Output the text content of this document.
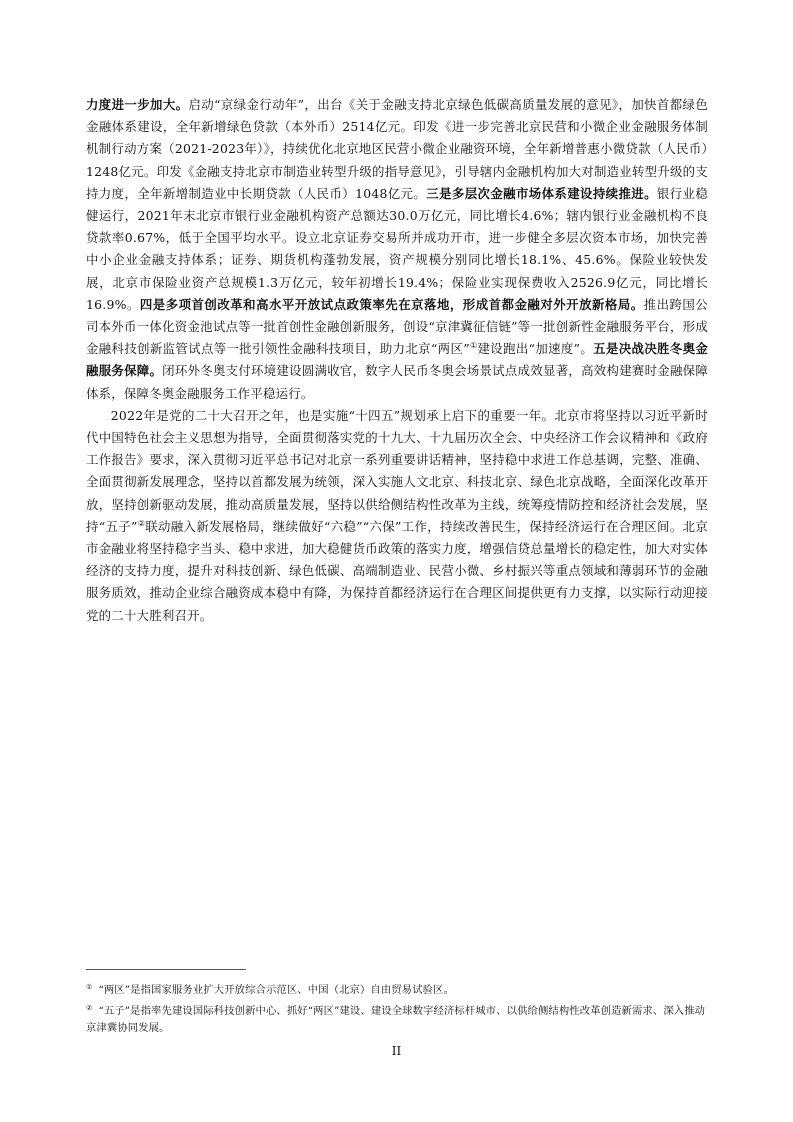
力度进一步加大。启动“京绿金行动年”，出台《关于金融支持北京绿色低碳高质量发展的意见》，加快首都绿色金融体系建设，全年新增绿色贷款（本外币）2514亿元。印发《进一步完善北京民营和小微企业金融服务体制机制行动方案（2021-2023年）》，持续优化北京地区民营小微企业融资环境，全年新增普惠小微贷款（人民币）1248亿元。印发《金融支持北京市制造业转型升级的指导意见》，引导辖内金融机构加大对制造业转型升级的支持力度，全年新增制造业中长期贷款（人民币）1048亿元。三是多层次金融市场体系建设持续推进。银行业稳健运行，2021年末北京市银行业金融机构资产总额达30.0万亿元，同比增长4.6%；辖内银行业金融机构不良贷款率0.67%，低于全国平均水平。设立北京证券交易所并成功开市，进一步健全多层次资本市场，加快完善中小企业金融支持体系；证券、期货机构蓬勃发展，资产规模分别同比增长18.1%、45.6%。保险业较快发展，北京市保险业资产总规模1.3万亿元，较年初增长19.4%；保险业实现保费收入2526.9亿元，同比增长16.9%。四是多项首创改革和高水平开放试点政策率先在京落地，形成首都金融对外开放新格局。推出跨国公司本外币一体化资金池试点等一批首创性金融创新服务，创设“京津冀征信链”等一批创新性金融服务平台，形成金融科技创新监管试点等一批引领性金融科技项目，助力北京“两区”①建设跑出“加速度”。五是决战决胜冬奥金融服务保障。闭环外冬奥支付环境建设圆满收官，数字人民币冬奥会场景试点成效显著，高效构建赛时金融保障体系，保障冬奥金融服务工作平稳运行。

2022年是党的二十大召开之年，也是实施“十四五”规划承上启下的重要一年。北京市将坚持以习近平新时代中国特色社会主义思想为指导，全面贯彻落实党的十九大、十九届历次全会、中央经济工作会议精神和《政府工作报告》要求，深入贯彻习近平总书记对北京一系列重要讲话精神，坚持稳中求进工作总基调，完整、准确、全面贯彻新发展理念，坚持以首都发展为统领，深入实施人文北京、科技北京、绿色北京战略，全面深化改革开放，坚持创新驱动发展，推动高质量发展，坚持以供给侧结构性改革为主线，统筹疫情防控和经济社会发展，坚持“五子”②联动融入新发展格局，继续做好“六稳”“六保”工作，持续改善民生，保持经济运行在合理区间。北京市金融业将坚持稳字当头、稳中求进，加大稳健货币政策的落实力度，增强信贷总量增长的稳定性，加大对实体经济的支持力度，提升对科技创新、绿色低碳、高端制造业、民营小微、乡村振兴等重点领域和薄弱环节的金融服务质效，推动企业综合融资成本稳中有降，为保持首都经济运行在合理区间提供更有力支撑，以实际行动迎接党的二十大胜利召开。

① “两区”是指国家服务业扩大开放综合示范区、中国（北京）自由贸易试验区。

② “五子”是指率先建设国际科技创新中心、抓好“两区”建设、建设全球数字经济标杆城市、以供给侧结构性改革创造新需求、深入推动京津冀协同发展。

II
